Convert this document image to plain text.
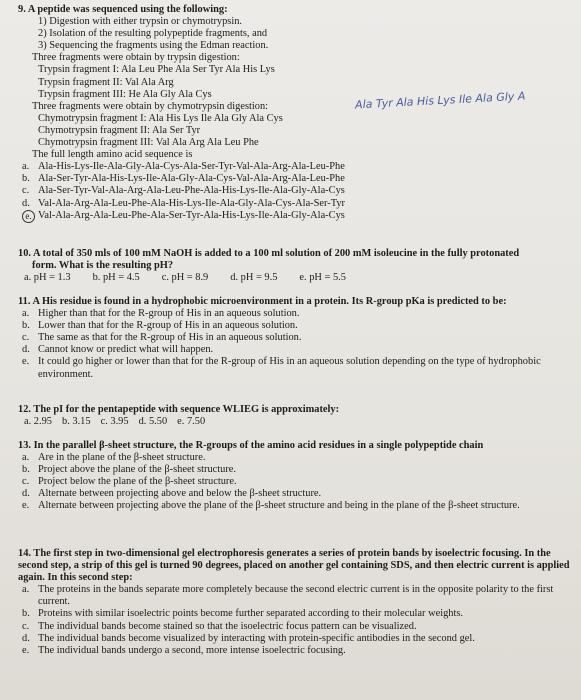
9. A peptide was sequenced using the following:
1) Digestion with either trypsin or chymotrypsin.
2) Isolation of the resulting polypeptide fragments, and
3) Sequencing the fragments using the Edman reaction.
Three fragments were obtain by trypsin digestion:
Trypsin fragment I: Ala Leu Phe Ala Ser Tyr Ala His Lys
Trypsin fragment II: Val Ala Arg
Trypsin fragment III: He Ala Gly Ala Cys
Three fragments were obtain by chymotrypsin digestion:
Chymotrypsin fragment I: Ala His Lys Ile Ala Gly Ala Cys
Chymotrypsin fragment II: Ala Ser Tyr
Chymotrypsin fragment III: Val Ala Arg Ala Leu Phe
The full length amino acid sequence is
a. Ala-His-Lys-Ile-Ala-Gly-Ala-Cys-Ala-Ser-Tyr-Val-Ala-Arg-Ala-Leu-Phe
b. Ala-Ser-Tyr-Ala-His-Lys-Ile-Ala-Gly-Ala-Cys-Val-Ala-Arg-Ala-Leu-Phe
c. Ala-Ser-Tyr-Val-Ala-Arg-Ala-Leu-Phe-Ala-His-Lys-Ile-Ala-Gly-Ala-Cys
d. Val-Ala-Arg-Ala-Leu-Phe-Ala-His-Lys-Ile-Ala-Gly-Ala-Cys-Ala-Ser-Tyr
e. Val-Ala-Arg-Ala-Leu-Phe-Ala-Ser-Tyr-Ala-His-Lys-Ile-Ala-Gly-Ala-Cys
Ala Tyr Ala His Lys Ile Ala Gly A
10. A total of 350 mls of 100 mM NaOH is added to a 100 ml solution of 200 mM isoleucine in the fully protonated
form. What is the resulting pH?
a. pH = 1.3 b. pH = 4.5 c. pH = 8.9 d. pH = 9.5 e. pH = 5.5
11. A His residue is found in a hydrophobic microenvironment in a protein. Its R-group pKa is predicted to be:
a. Higher than that for the R-group of His in an aqueous solution.
b. Lower than that for the R-group of His in an aqueous solution.
c. The same as that for the R-group of His in an aqueous solution.
d. Cannot know or predict what will happen.
e. It could go higher or lower than that for the R-group of His in an aqueous solution depending on the type of hydrophobic environment.
12. The pI for the pentapeptide with sequence WLIEG is approximately:
a. 2.95 b. 3.15 c. 3.95 d. 5.50 e. 7.50
13. In the parallel β-sheet structure, the R-groups of the amino acid residues in a single polypeptide chain
a. Are in the plane of the β-sheet structure.
b. Project above the plane of the β-sheet structure.
c. Project below the plane of the β-sheet structure.
d. Alternate between projecting above and below the β-sheet structure.
e. Alternate between projecting above the plane of the β-sheet structure and being in the plane of the β-sheet structure.
14. The first step in two-dimensional gel electrophoresis generates a series of protein bands by isoelectric focusing. In the second step, a strip of this gel is turned 90 degrees, placed on another gel containing SDS, and then electric current is applied again. In this second step:
a. The proteins in the bands separate more completely because the second electric current is in the opposite polarity to the first current.
b. Proteins with similar isoelectric points become further separated according to their molecular weights.
c. The individual bands become stained so that the isoelectric focus pattern can be visualized.
d. The individual bands become visualized by interacting with protein-specific antibodies in the second gel.
e. The individual bands undergo a second, more intense isoelectric focusing.
